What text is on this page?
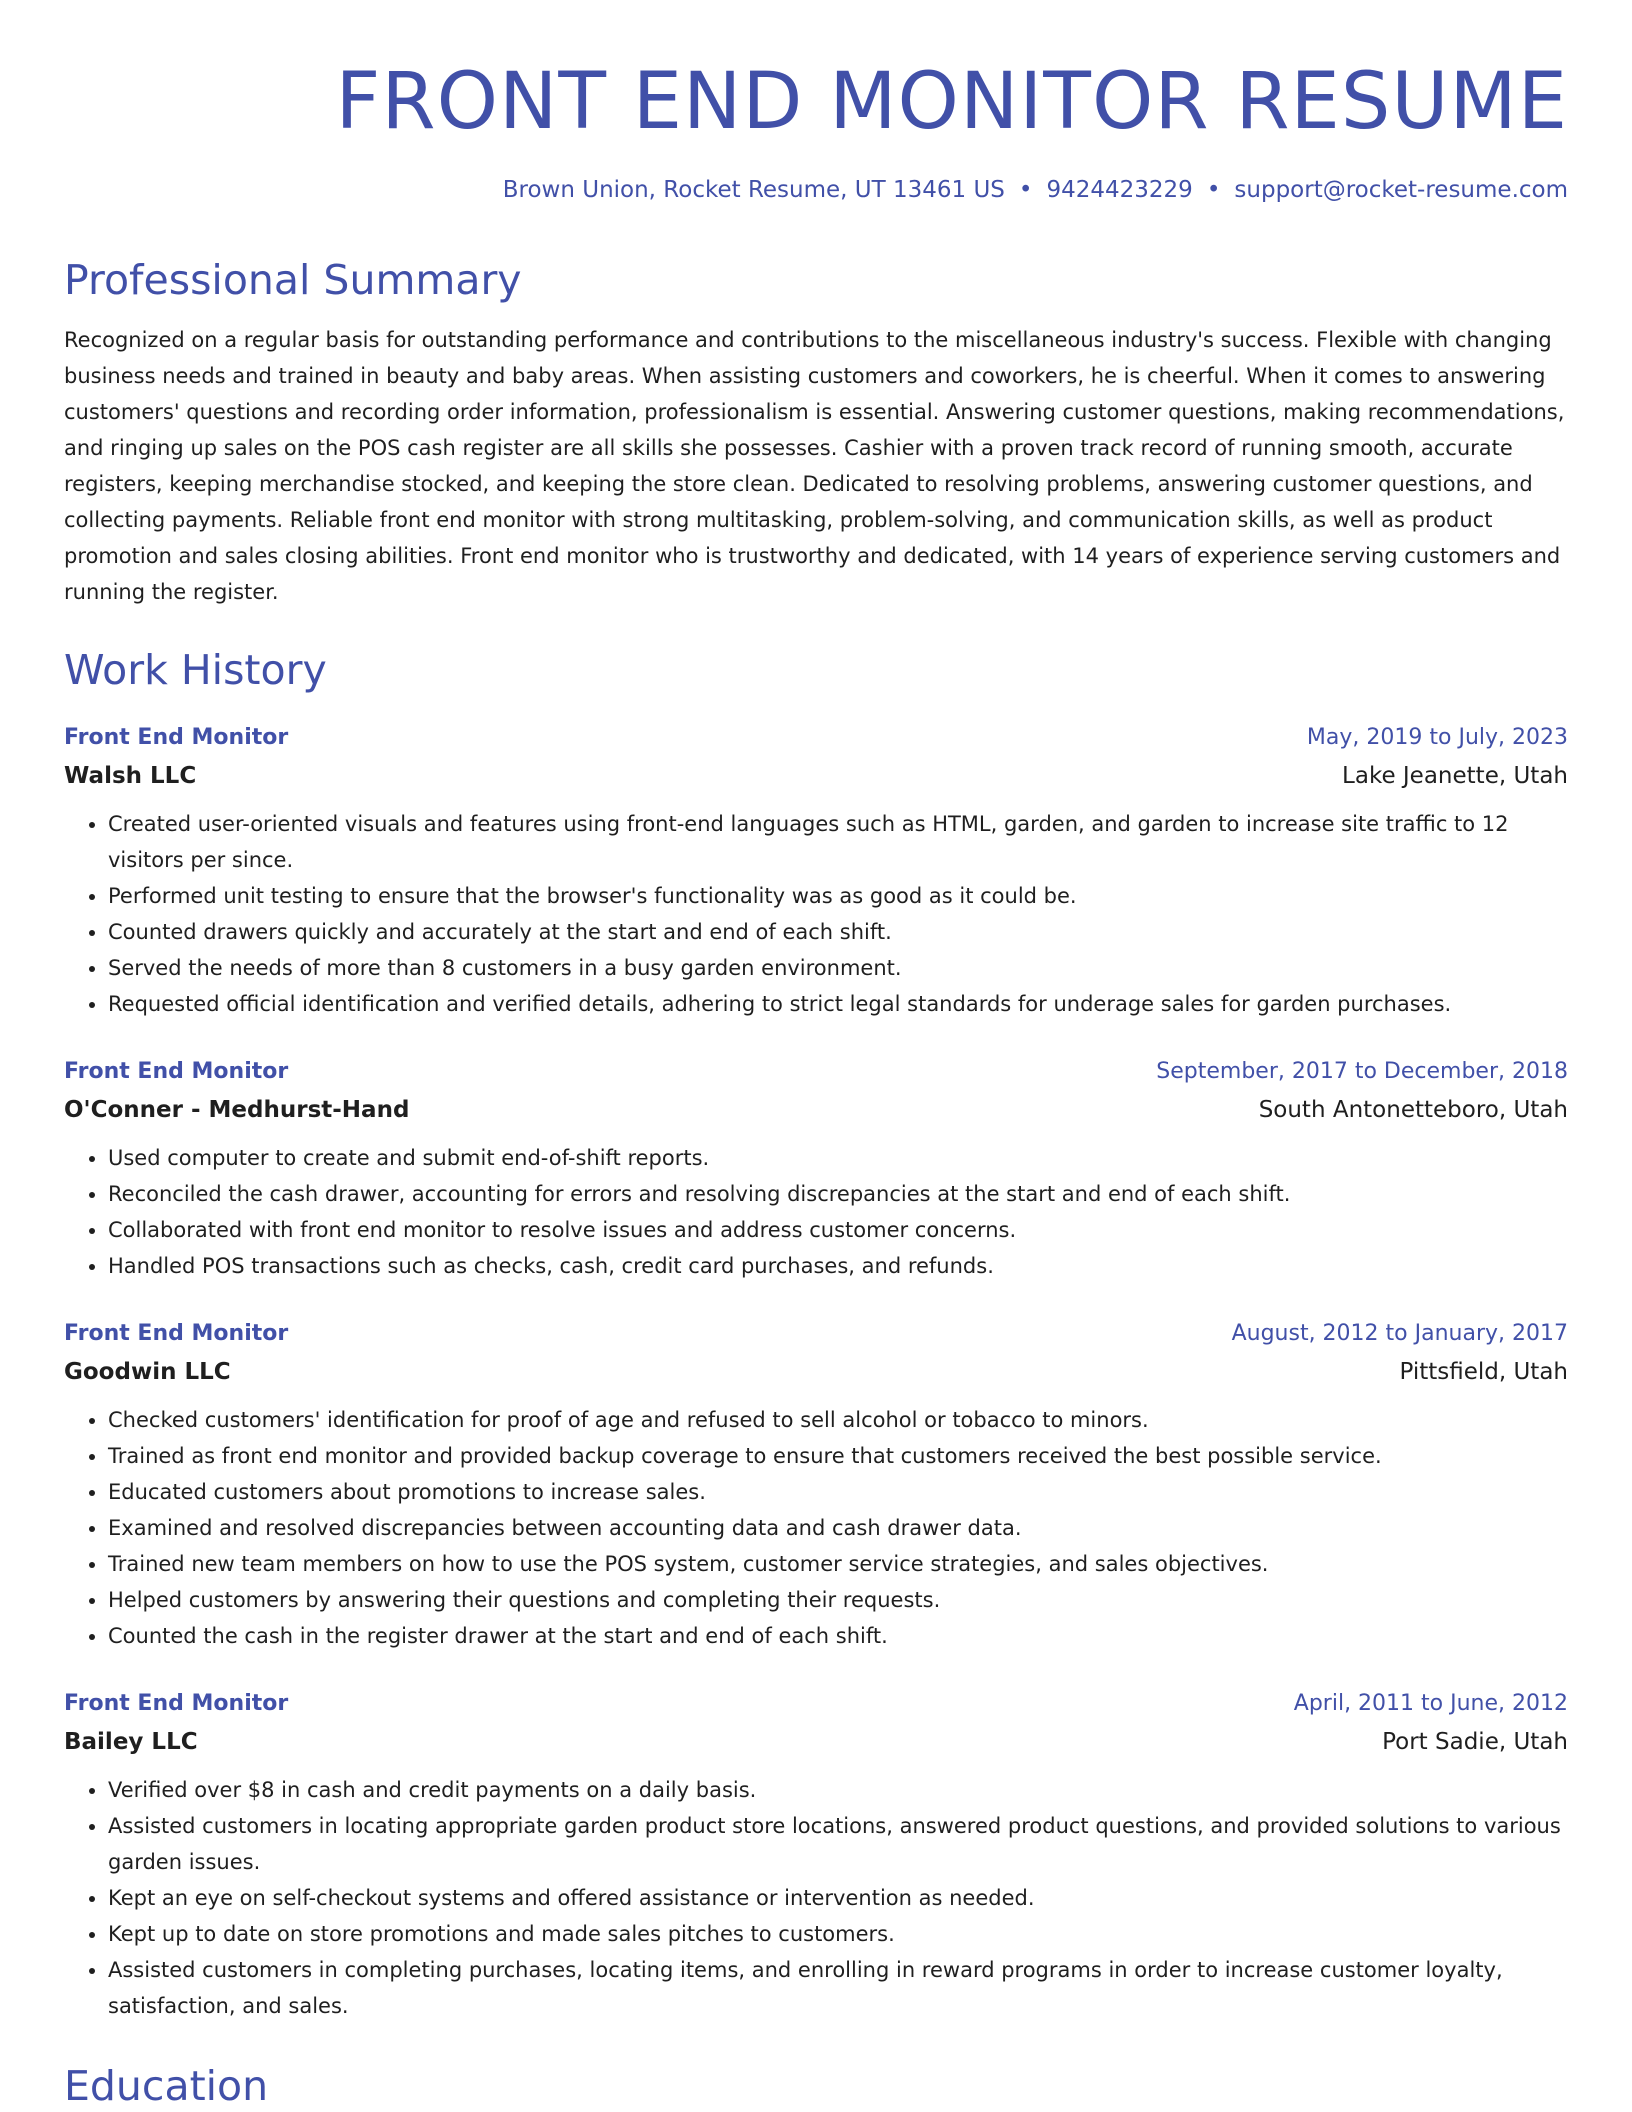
FRONT END MONITOR RESUME
Brown Union, Rocket Resume, UT 13461 US • 9424423229 • support@rocket-resume.com
Professional Summary
Recognized on a regular basis for outstanding performance and contributions to the miscellaneous industry's success. Flexible with changing business needs and trained in beauty and baby areas. When assisting customers and coworkers, he is cheerful. When it comes to answering customers' questions and recording order information, professionalism is essential. Answering customer questions, making recommendations, and ringing up sales on the POS cash register are all skills she possesses. Cashier with a proven track record of running smooth, accurate registers, keeping merchandise stocked, and keeping the store clean. Dedicated to resolving problems, answering customer questions, and collecting payments. Reliable front end monitor with strong multitasking, problem-solving, and communication skills, as well as product promotion and sales closing abilities. Front end monitor who is trustworthy and dedicated, with 14 years of experience serving customers and running the register.
Work History
Front End Monitor	May, 2019 to July, 2023
Walsh LLC	Lake Jeanette, Utah
• Created user-oriented visuals and features using front-end languages such as HTML, garden, and garden to increase site traffic to 12 visitors per since.
• Performed unit testing to ensure that the browser's functionality was as good as it could be.
• Counted drawers quickly and accurately at the start and end of each shift.
• Served the needs of more than 8 customers in a busy garden environment.
• Requested official identification and verified details, adhering to strict legal standards for underage sales for garden purchases.
Front End Monitor	September, 2017 to December, 2018
O'Conner - Medhurst-Hand	South Antonetteboro, Utah
• Used computer to create and submit end-of-shift reports.
• Reconciled the cash drawer, accounting for errors and resolving discrepancies at the start and end of each shift.
• Collaborated with front end monitor to resolve issues and address customer concerns.
• Handled POS transactions such as checks, cash, credit card purchases, and refunds.
Front End Monitor	August, 2012 to January, 2017
Goodwin LLC	Pittsfield, Utah
• Checked customers' identification for proof of age and refused to sell alcohol or tobacco to minors.
• Trained as front end monitor and provided backup coverage to ensure that customers received the best possible service.
• Educated customers about promotions to increase sales.
• Examined and resolved discrepancies between accounting data and cash drawer data.
• Trained new team members on how to use the POS system, customer service strategies, and sales objectives.
• Helped customers by answering their questions and completing their requests.
• Counted the cash in the register drawer at the start and end of each shift.
Front End Monitor	April, 2011 to June, 2012
Bailey LLC	Port Sadie, Utah
• Verified over $8 in cash and credit payments on a daily basis.
• Assisted customers in locating appropriate garden product store locations, answered product questions, and provided solutions to various garden issues.
• Kept an eye on self-checkout systems and offered assistance or intervention as needed.
• Kept up to date on store promotions and made sales pitches to customers.
• Assisted customers in completing purchases, locating items, and enrolling in reward programs in order to increase customer loyalty, satisfaction, and sales.
Education
